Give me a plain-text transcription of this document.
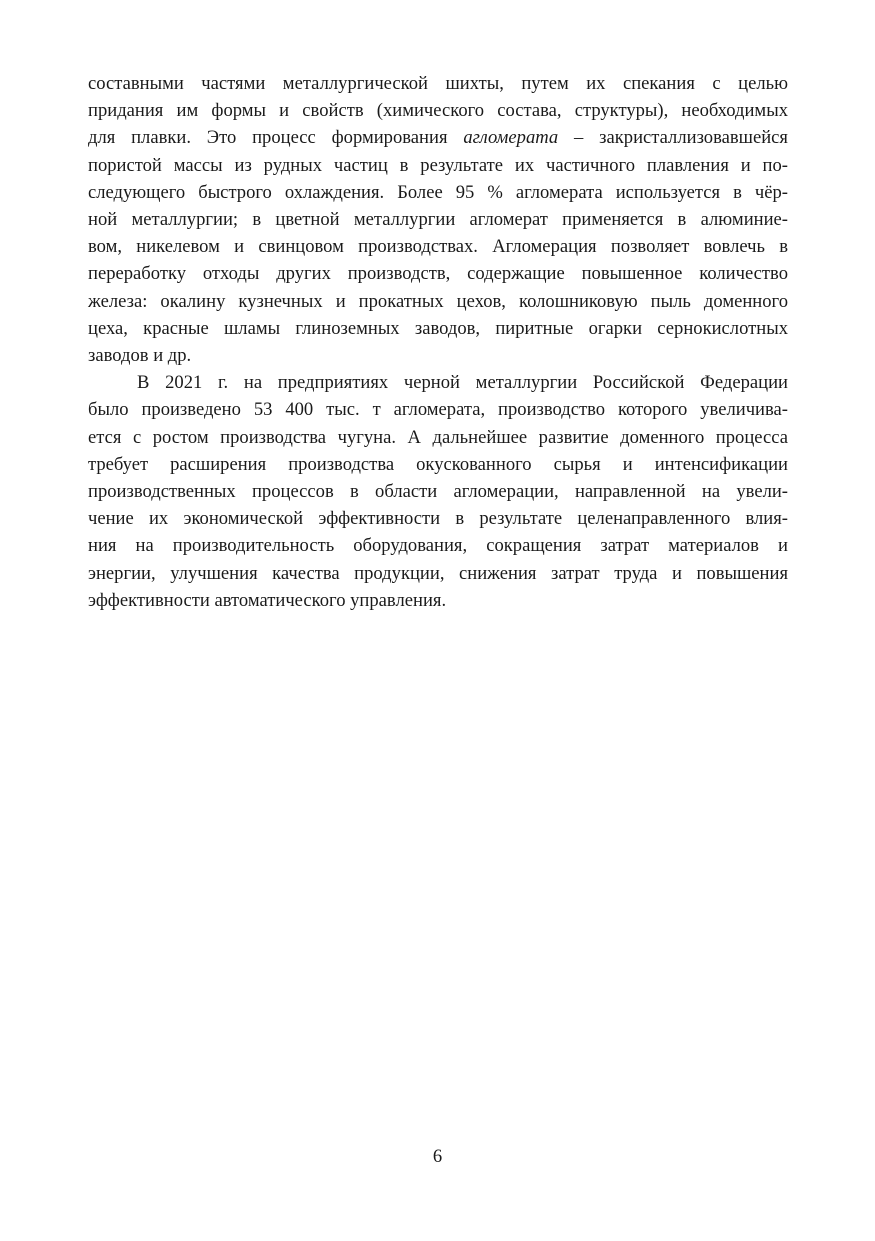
составными частями металлургической шихты, путем их спекания с целью
придания им формы и свойств (химического состава, структуры), необходимых
для плавки. Это процесс формирования агломерата – закристаллизовавшейся
пористой массы из рудных частиц в результате их частичного плавления и по-
следующего быстрого охлаждения. Более 95 % агломерата используется в чёр-
ной металлургии; в цветной металлургии агломерат применяется в алюминие-
вом, никелевом и свинцовом производствах. Агломерация позволяет вовлечь в
переработку отходы других производств, содержащие повышенное количество
железа: окалину кузнечных и прокатных цехов, колошниковую пыль доменного
цеха, красные шламы глиноземных заводов, пиритные огарки сернокислотных
заводов и др.

В 2021 г. на предприятиях черной металлургии Российской Федерации
было произведено 53 400 тыс. т агломерата, производство которого увеличива-
ется с ростом производства чугуна. А дальнейшее развитие доменного процесса
требует расширения производства окускованного сырья и интенсификации
производственных процессов в области агломерации, направленной на увели-
чение их экономической эффективности в результате целенаправленного влия-
ния на производительность оборудования, сокращения затрат материалов и
энергии, улучшения качества продукции, снижения затрат труда и повышения
эффективности автоматического управления.

6
